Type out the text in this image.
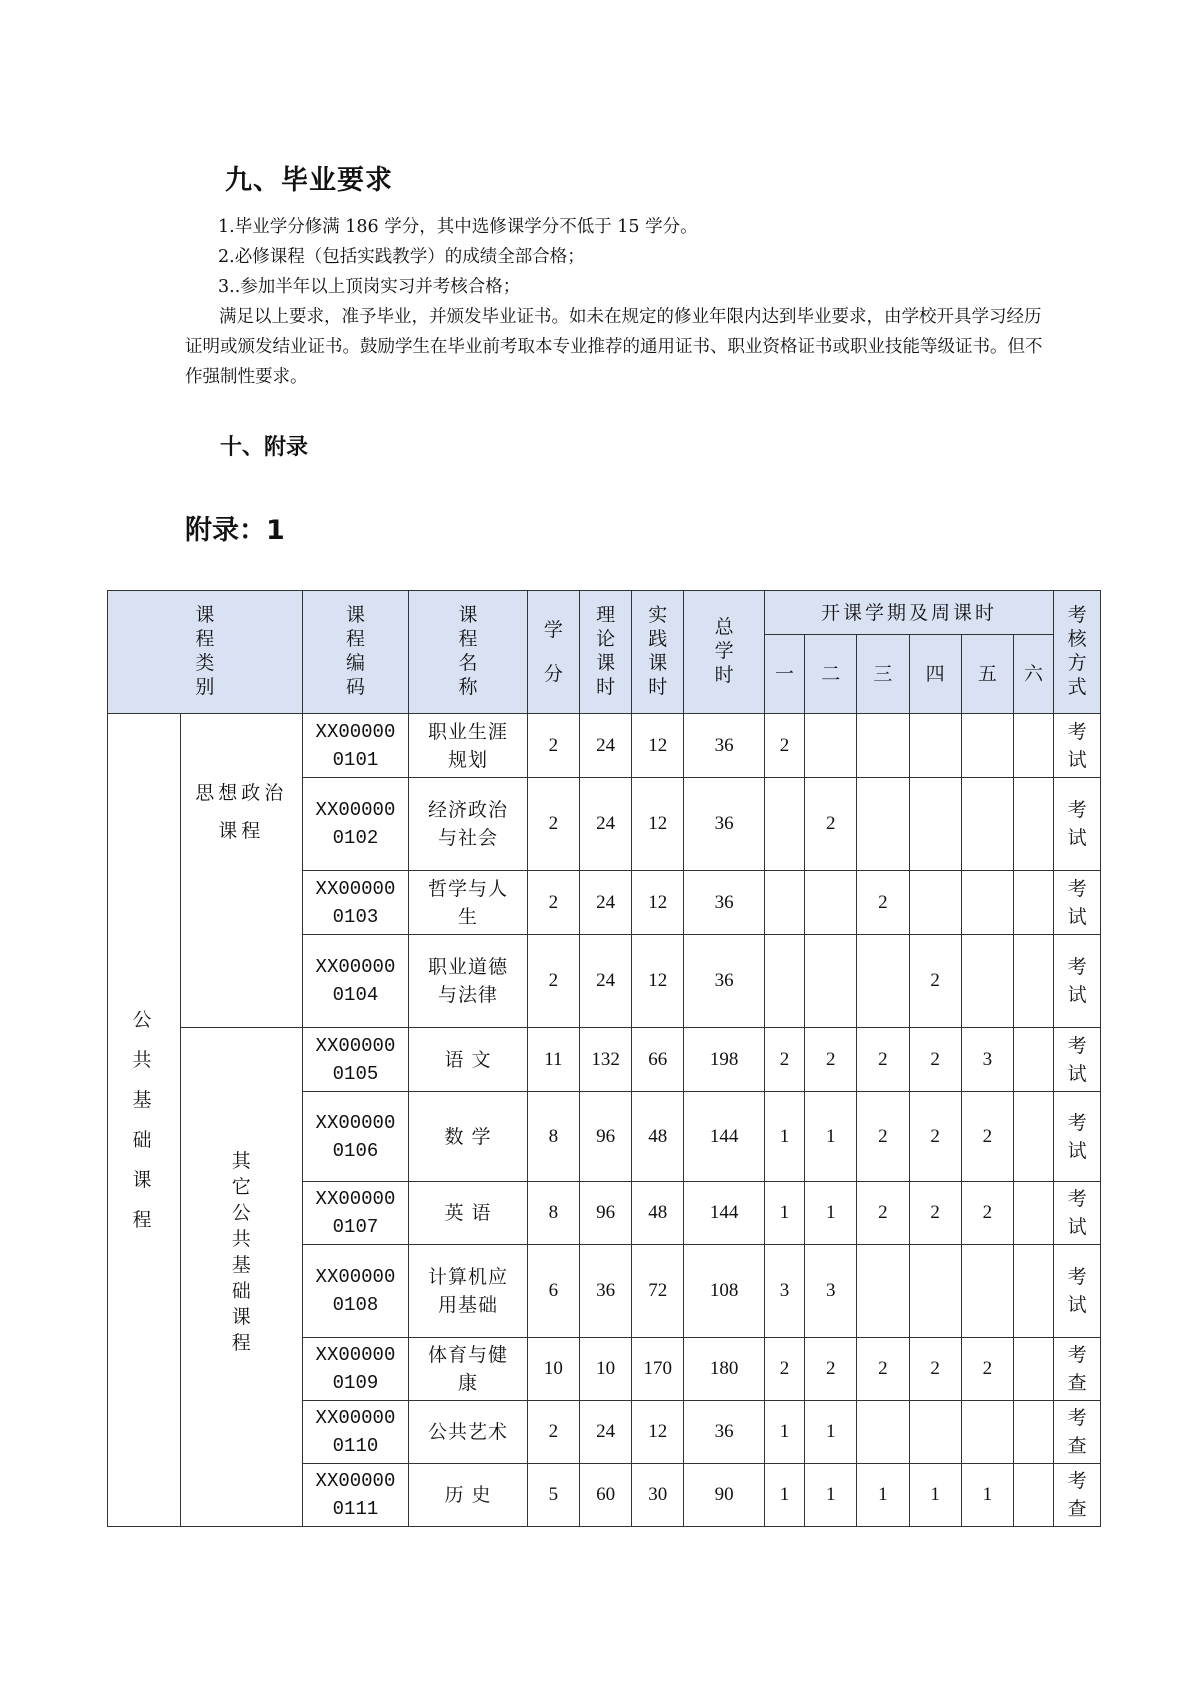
九、毕业要求
1.毕业学分修满 186 学分，其中选修课学分不低于 15 学分。
2.必修课程（包括实践教学）的成绩全部合格；
3..参加半年以上顶岗实习并考核合格；
满足以上要求，准予毕业，并颁发毕业证书。如未在规定的修业年限内达到毕业要求，由学校开具学习经历证明或颁发结业证书。鼓励学生在毕业前考取本专业推荐的通用证书、职业资格证书或职业技能等级证书。但不作强制性要求。
十、附录
附录：1
课程类别		课程编码	课程名称	学分	理论课时	实践课时	总学时	开课学期及周课时						考核方式
								一	二	三	四	五	六	
公共基础课程	思想政治课程	XX00000
0101	职业生涯规划	2	24	12	36	2						考试

		XX00000
0102	经济政治与社会	2	24	12	36		2					考试

		XX00000
0103	哲学与人生	2	24	12	36			2				考试

		XX00000
0104	职业道德与法律	2	24	12	36				2			考试
	其它公共基础课程	XX00000
0105	语 文	11	132	66	198	2	2	2	2	3		考试

		XX00000
0106	数 学	8	96	48	144	1	1	2	2	2		考试

		XX00000
0107	英 语	8	96	48	144	1	1	2	2	2		考试

		XX00000
0108	计算机应用基础	6	36	72	108	3	3					考试

		XX00000
0109	体育与健康	10	10	170	180	2	2	2	2	2		考查

		XX00000
0110	公共艺术	2	24	12	36	1	1					考查

		XX00000
0111	历 史	5	60	30	90	1	1	1	1	1		考查
